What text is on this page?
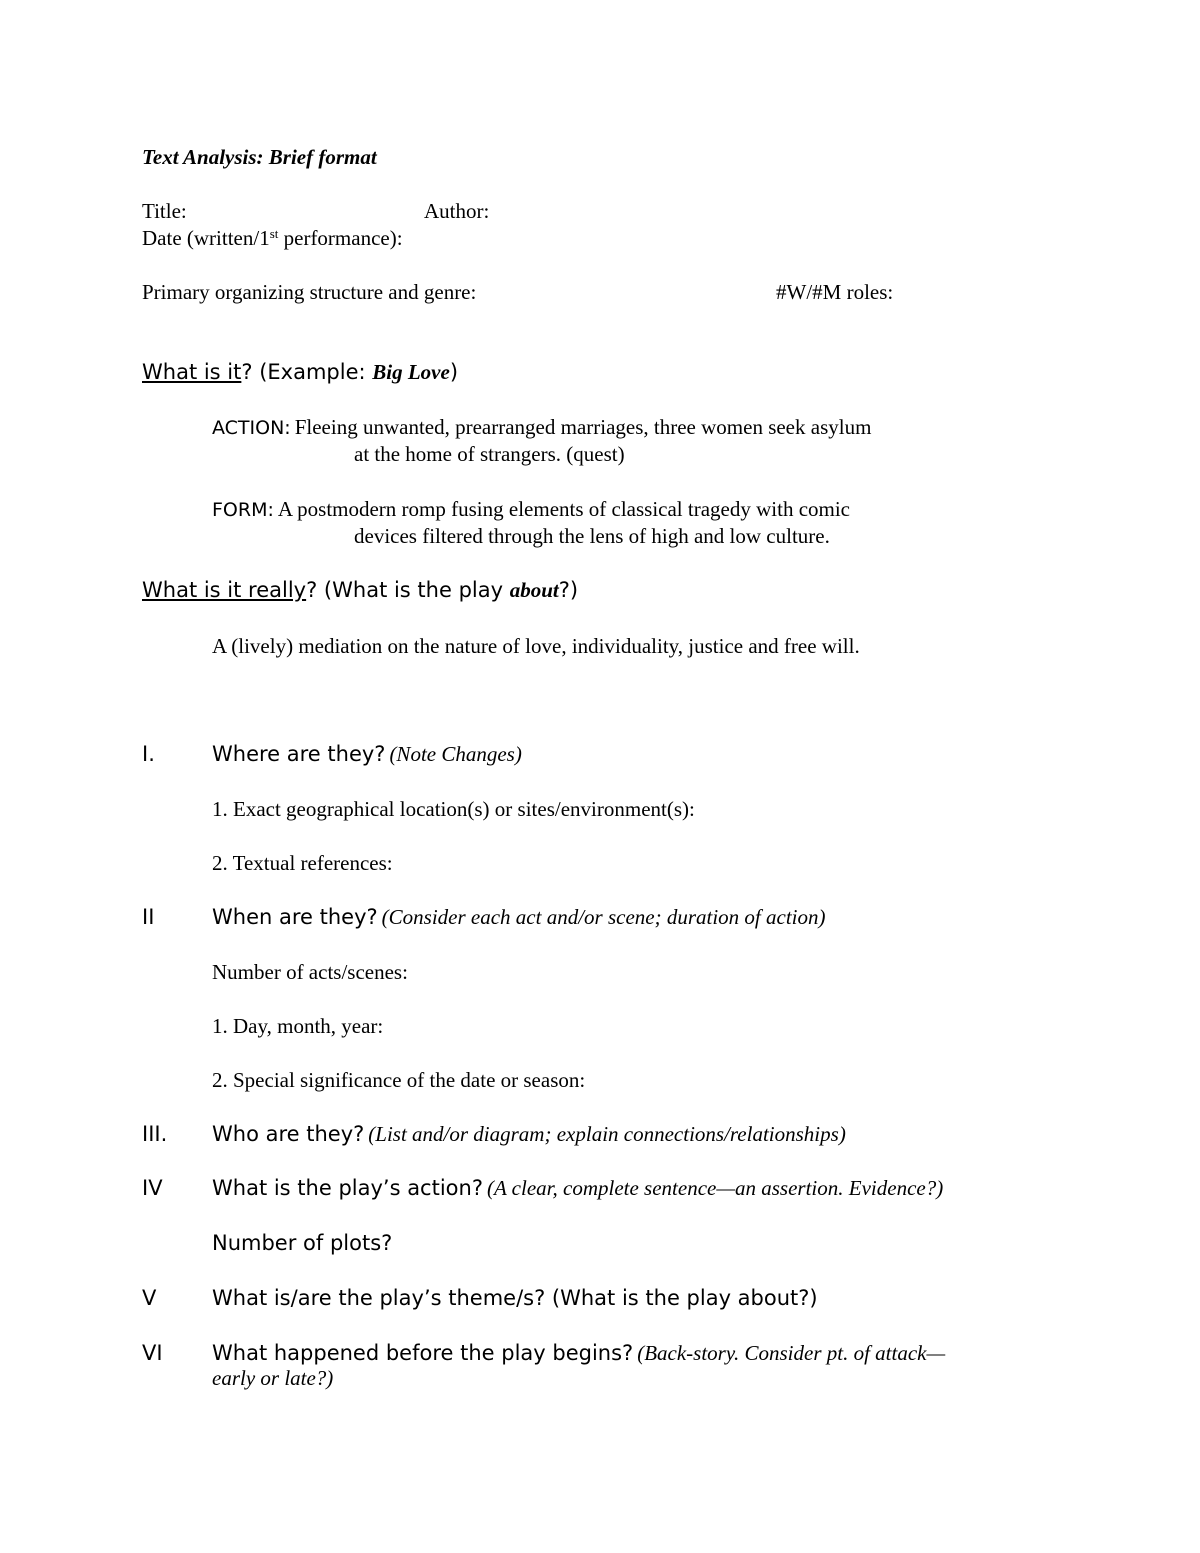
Text Analysis: Brief format
Title:	Author:
Date (written/1st performance):
Primary organizing structure and genre:	#W/#M roles:
What is it? (Example: Big Love)
ACTION: Fleeing unwanted, prearranged marriages, three women seek asylum
at the home of strangers. (quest)
FORM: A postmodern romp fusing elements of classical tragedy with comic
devices filtered through the lens of high and low culture.
What is it really? (What is the play about?)
A (lively) mediation on the nature of love, individuality, justice and free will.
I.	Where are they? (Note Changes)
1. Exact geographical location(s) or sites/environment(s):
2. Textual references:
II	When are they? (Consider each act and/or scene; duration of action)
Number of acts/scenes:
1. Day, month, year:
2. Special significance of the date or season:
III. Who are they? (List and/or diagram; explain connections/relationships)
IV What is the play’s action? (A clear, complete sentence—an assertion. Evidence?)
Number of plots?
V	What is/are the play’s theme/s? (What is the play about?)
VI What happened before the play begins? (Back-story. Consider pt. of attack—
early or late?)
